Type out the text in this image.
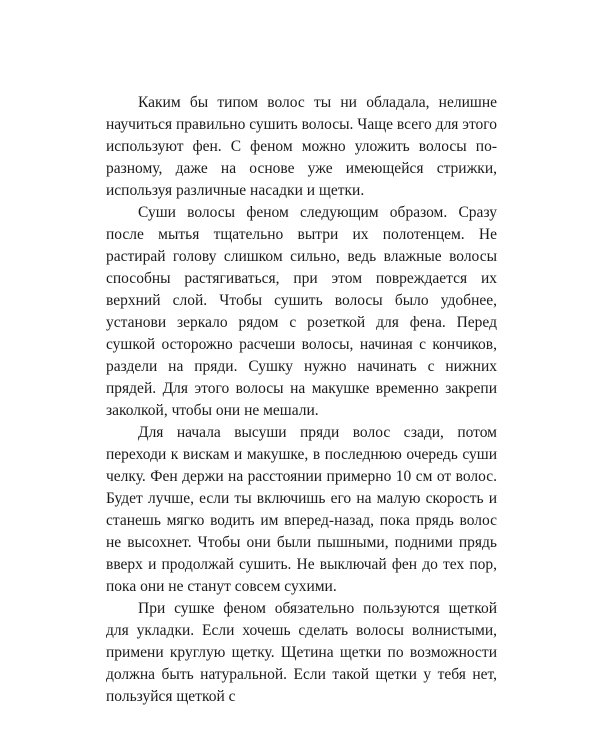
Каким бы типом волос ты ни обладала, нелишне научиться правильно сушить волосы. Чаще всего для этого используют фен. С феном можно уложить волосы по-разному, даже на основе уже имеющейся стрижки, используя различные насадки и щетки.

Суши волосы феном следующим образом. Сразу после мытья тщательно вытри их полотенцем. Не растирай голову слишком сильно, ведь влажные волосы способны растягиваться, при этом повреждается их верхний слой. Чтобы сушить волосы было удобнее, установи зеркало рядом с розеткой для фена. Перед сушкой осторожно расчеши волосы, начиная с кончиков, раздели на пряди. Сушку нужно начинать с нижних прядей. Для этого волосы на макушке временно закрепи заколкой, чтобы они не мешали.

Для начала высуши пряди волос сзади, потом переходи к вискам и макушке, в последнюю очередь суши челку. Фен держи на расстоянии примерно 10 см от волос. Будет лучше, если ты включишь его на малую скорость и станешь мягко водить им вперед-назад, пока прядь волос не высохнет. Чтобы они были пышными, подними прядь вверх и продолжай сушить. Не выключай фен до тех пор, пока они не станут совсем сухими.

При сушке феном обязательно пользуются щеткой для укладки. Если хочешь сделать волосы волнистыми, примени круглую щетку. Щетина щетки по возможности должна быть натуральной. Если такой щетки у тебя нет, пользуйся щеткой с
